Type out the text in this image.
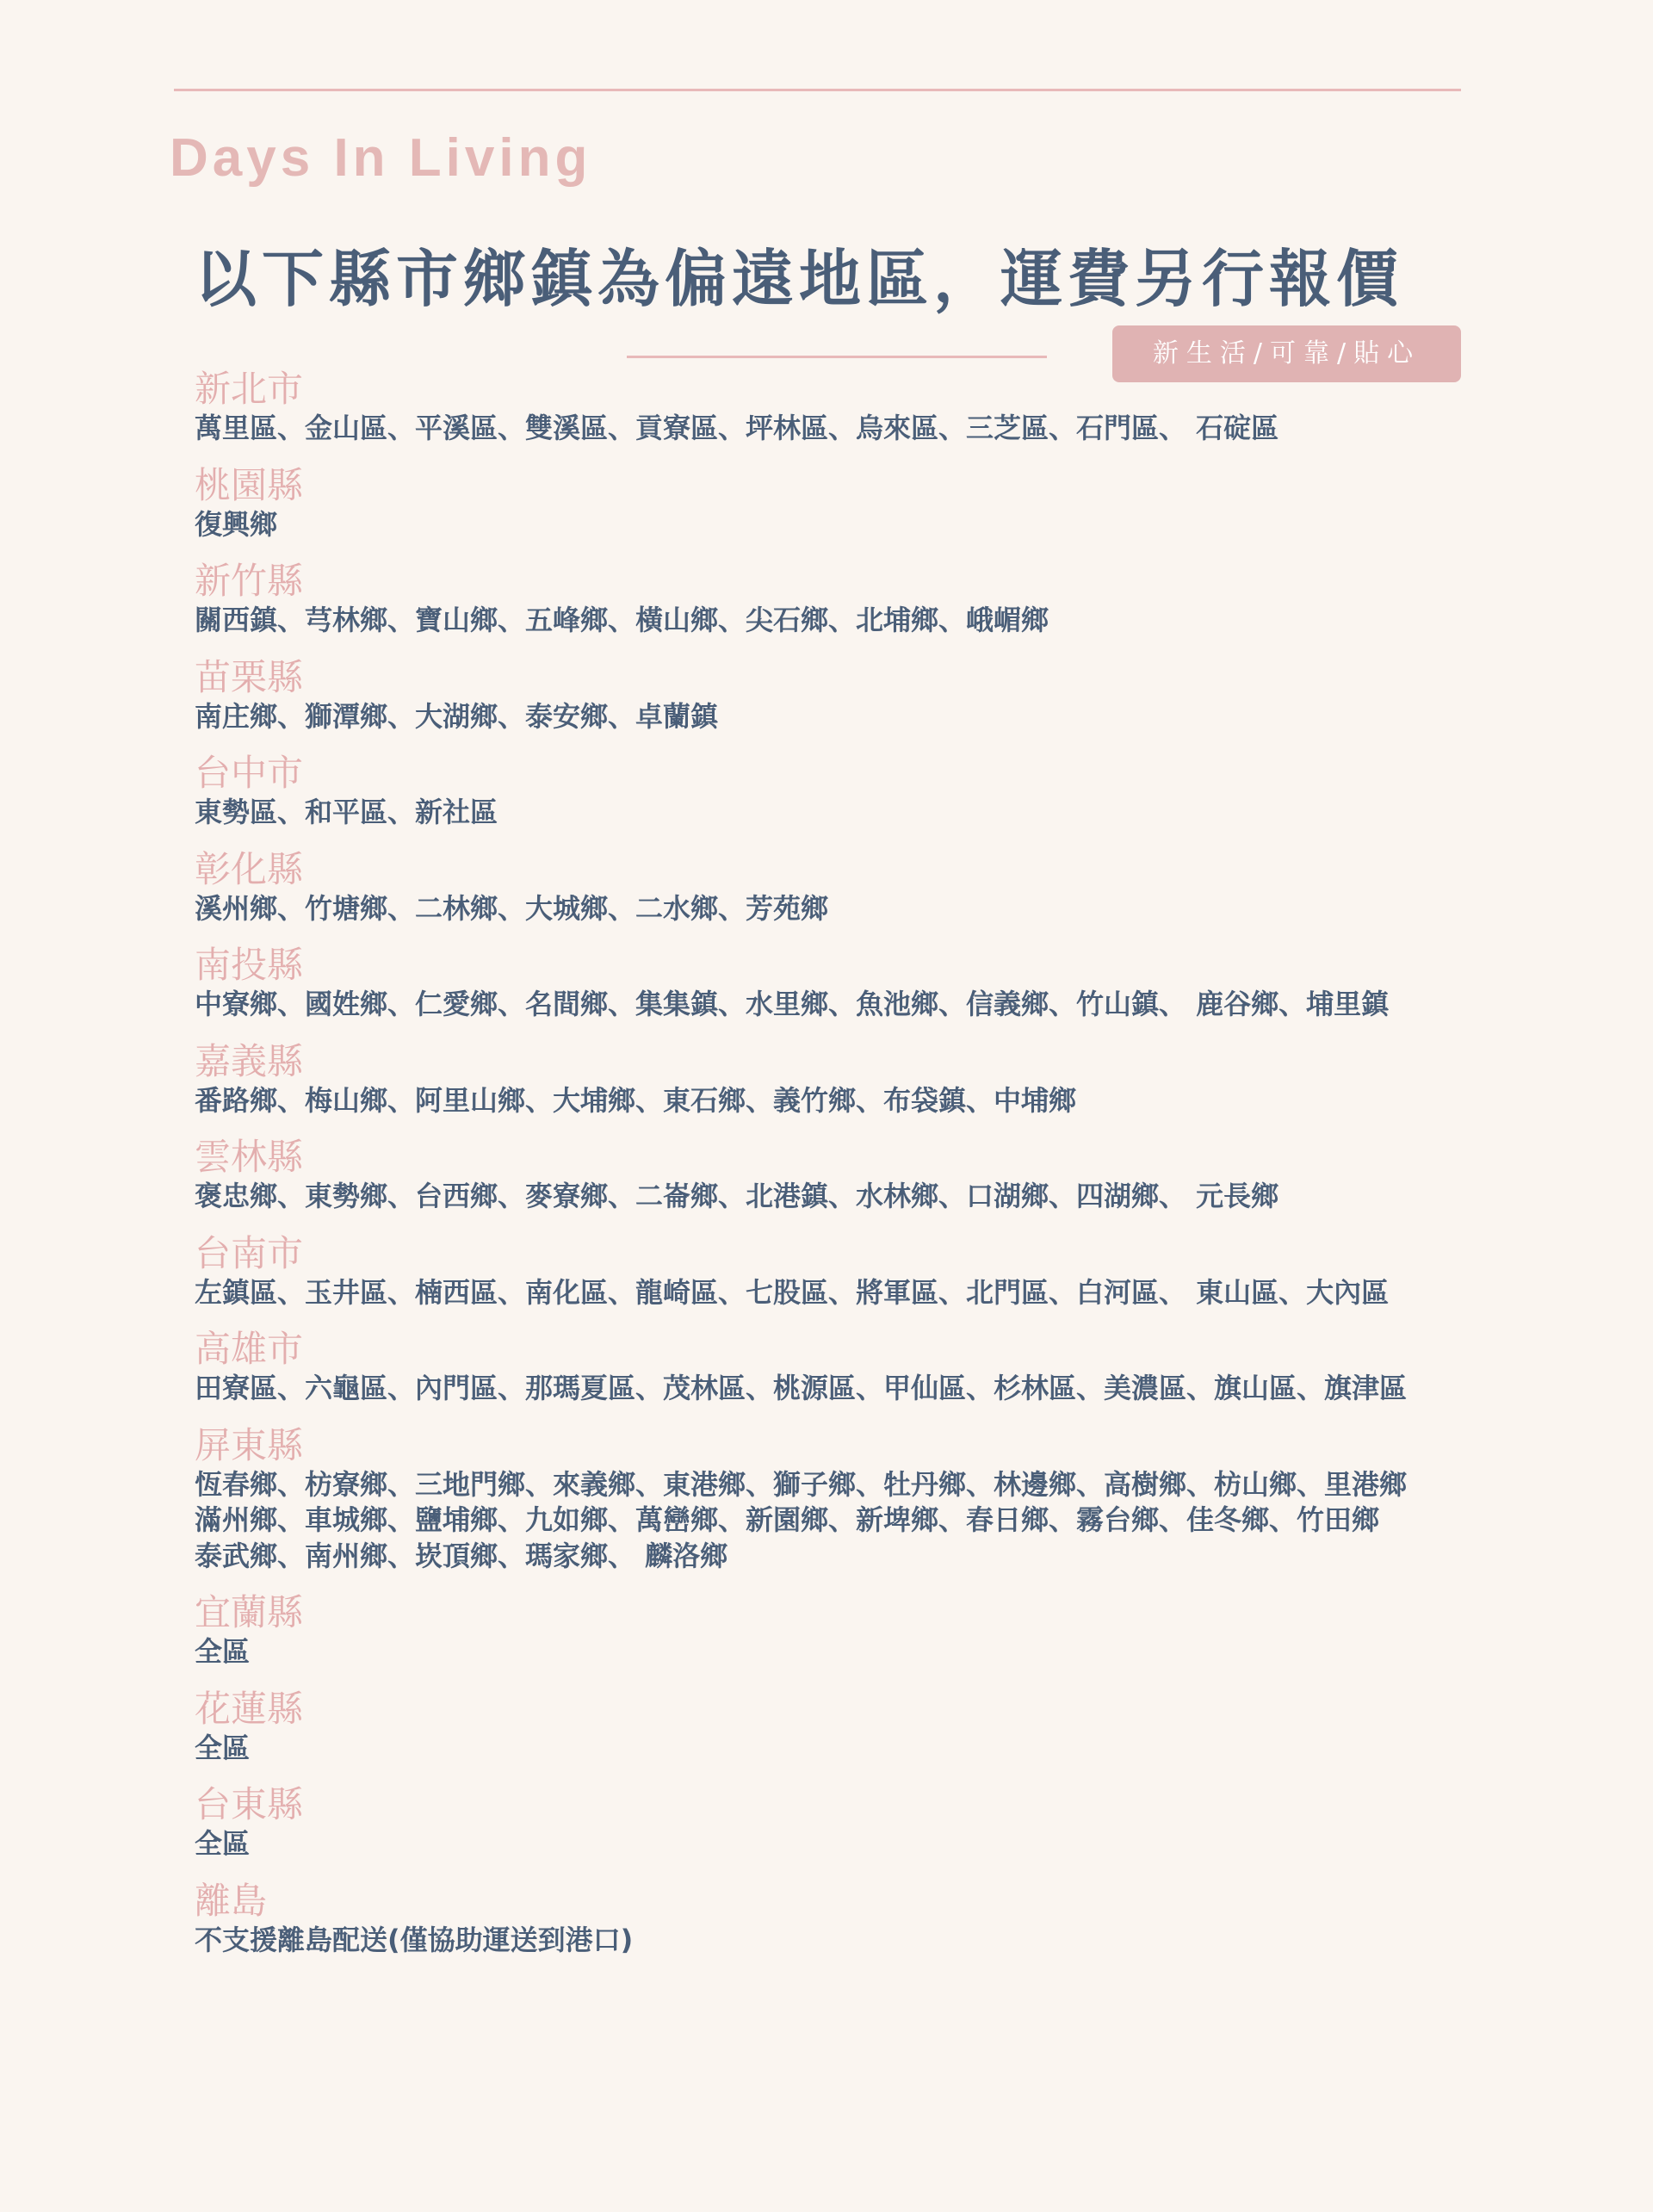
Days In Living
以下縣市鄉鎮為偏遠地區，運費另行報價
新生活/可靠/貼心
新北市
萬里區、金山區、平溪區、雙溪區、貢寮區、坪林區、烏來區、三芝區、石門區、 石碇區
桃園縣
復興鄉
新竹縣
關西鎮、芎林鄉、寶山鄉、五峰鄉、橫山鄉、尖石鄉、北埔鄉、峨嵋鄉
苗栗縣
南庄鄉、獅潭鄉、大湖鄉、泰安鄉、卓蘭鎮
台中市
東勢區、和平區、新社區
彰化縣
溪州鄉、竹塘鄉、二林鄉、大城鄉、二水鄉、芳苑鄉
南投縣
中寮鄉、國姓鄉、仁愛鄉、名間鄉、集集鎮、水里鄉、魚池鄉、信義鄉、竹山鎮、 鹿谷鄉、埔里鎮
嘉義縣
番路鄉、梅山鄉、阿里山鄉、大埔鄉、東石鄉、義竹鄉、布袋鎮、中埔鄉
雲林縣
褒忠鄉、東勢鄉、台西鄉、麥寮鄉、二崙鄉、北港鎮、水林鄉、口湖鄉、四湖鄉、 元長鄉
台南市
左鎮區、玉井區、楠西區、南化區、龍崎區、七股區、將軍區、北門區、白河區、 東山區、大內區
高雄市
田寮區、六龜區、內門區、那瑪夏區、茂林區、桃源區、甲仙區、杉林區、美濃區、旗山區、旗津區
屏東縣
恆春鄉、枋寮鄉、三地門鄉、來義鄉、東港鄉、獅子鄉、牡丹鄉、林邊鄉、高樹鄉、枋山鄉、里港鄉
滿州鄉、車城鄉、鹽埔鄉、九如鄉、萬巒鄉、新園鄉、新埤鄉、春日鄉、霧台鄉、佳冬鄉、竹田鄉
泰武鄉、南州鄉、崁頂鄉、瑪家鄉、 麟洛鄉
宜蘭縣
全區
花蓮縣
全區
台東縣
全區
離島
不支援離島配送(僅協助運送到港口)
